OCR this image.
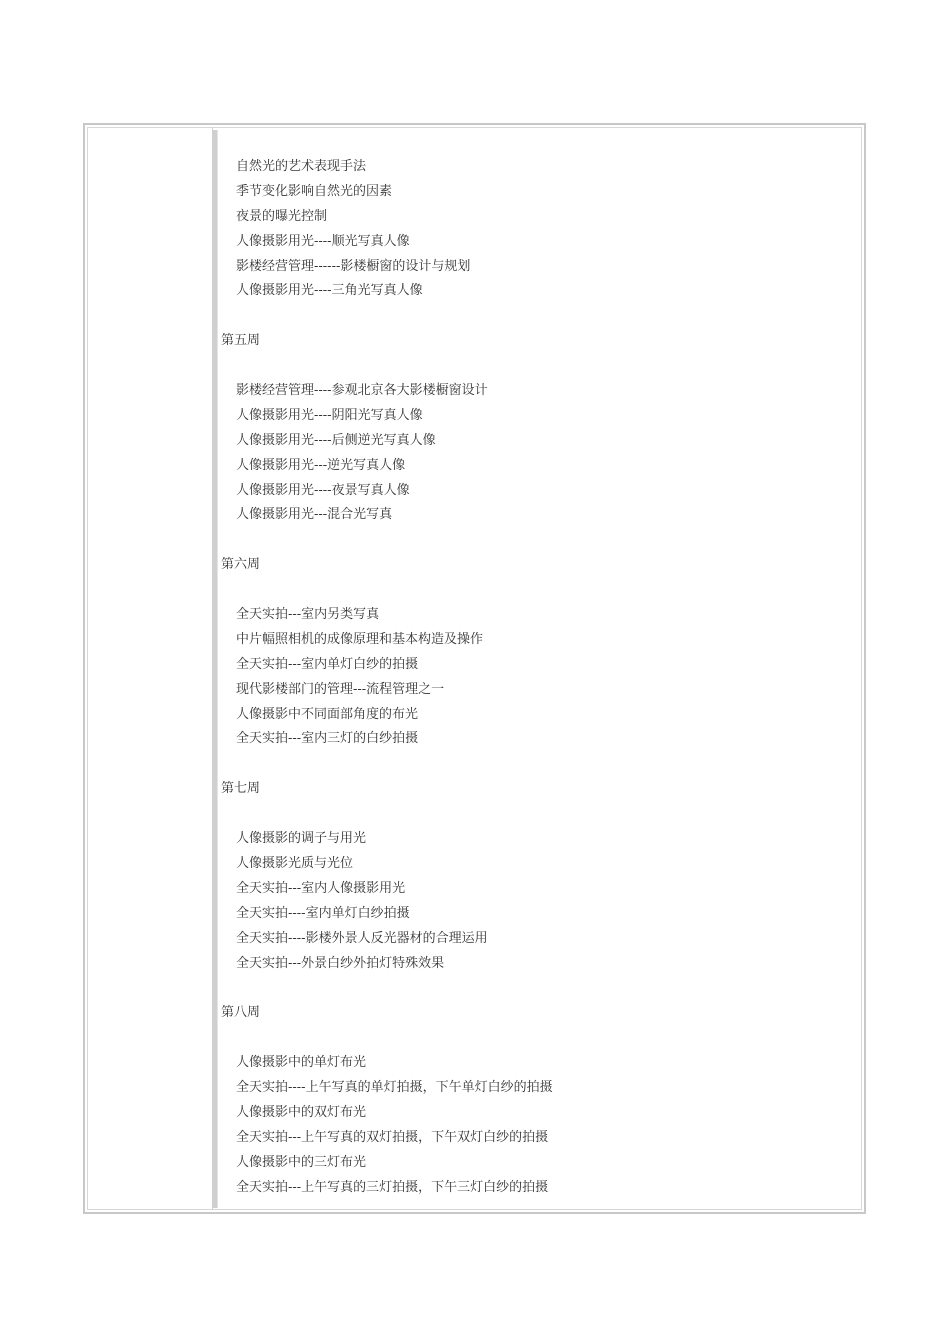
自然光的艺术表现手法
季节变化影响自然光的因素
夜景的曝光控制
人像摄影用光----顺光写真人像
影楼经营管理------影楼橱窗的设计与规划
人像摄影用光----三角光写真人像
第五周
影楼经营管理----参观北京各大影楼橱窗设计
人像摄影用光----阴阳光写真人像
人像摄影用光----后侧逆光写真人像
人像摄影用光---逆光写真人像
人像摄影用光----夜景写真人像
人像摄影用光---混合光写真
第六周
全天实拍---室内另类写真
中片幅照相机的成像原理和基本构造及操作
全天实拍---室内单灯白纱的拍摄
现代影楼部门的管理---流程管理之一
人像摄影中不同面部角度的布光
全天实拍---室内三灯的白纱拍摄
第七周
人像摄影的调子与用光
人像摄影光质与光位
全天实拍---室内人像摄影用光
全天实拍----室内单灯白纱拍摄
全天实拍----影楼外景人反光器材的合理运用
全天实拍---外景白纱外拍灯特殊效果
第八周
人像摄影中的单灯布光
全天实拍----上午写真的单灯拍摄，下午单灯白纱的拍摄
人像摄影中的双灯布光
全天实拍---上午写真的双灯拍摄，下午双灯白纱的拍摄
人像摄影中的三灯布光
全天实拍---上午写真的三灯拍摄，下午三灯白纱的拍摄
